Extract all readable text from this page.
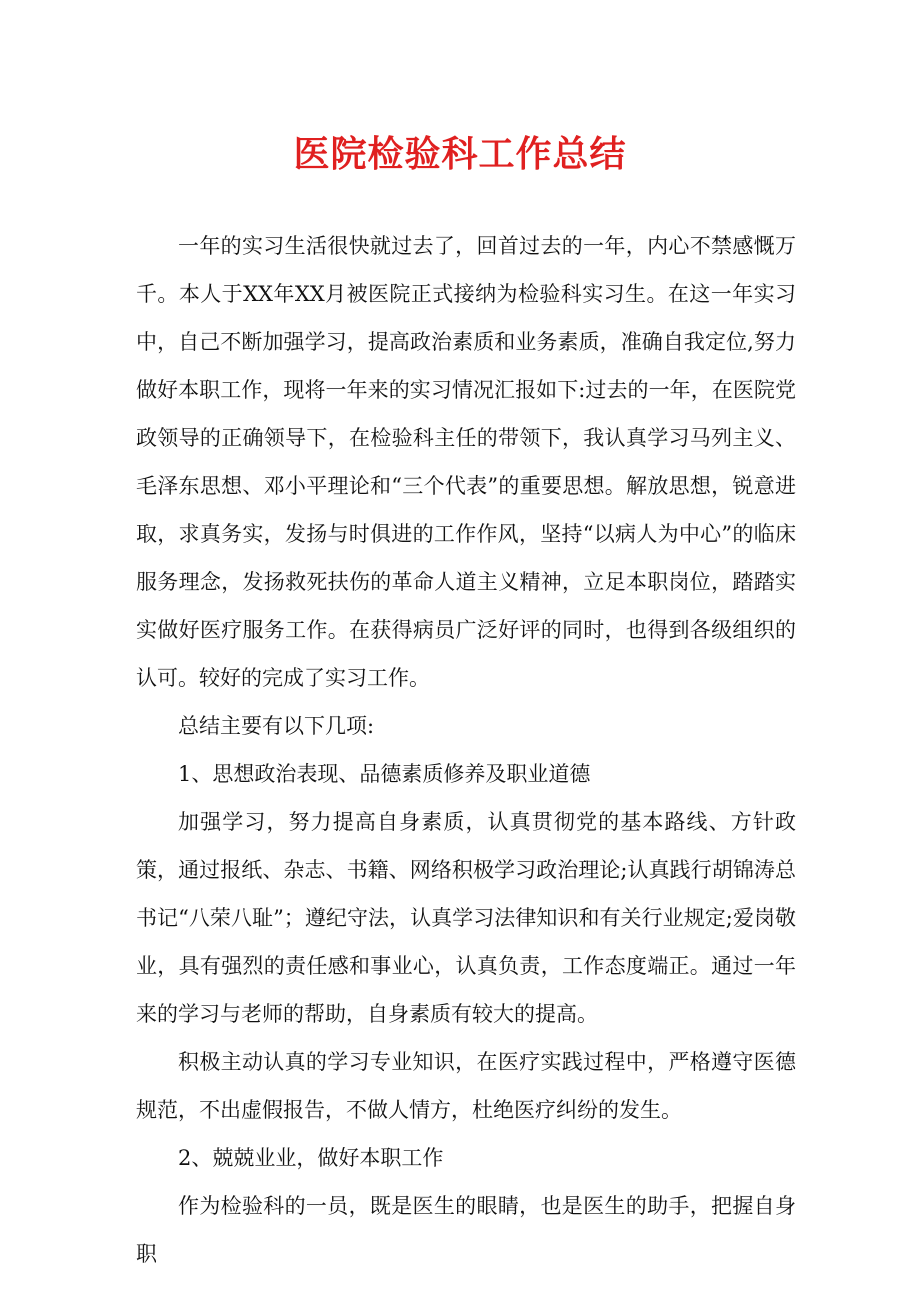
医院检验科工作总结

一年的实习生活很快就过去了，回首过去的一年，内心不禁感慨万千。本人于XX年XX月被医院正式接纳为检验科实习生。在这一年实习中，自己不断加强学习，提高政治素质和业务素质，准确自我定位,努力做好本职工作，现将一年来的实习情况汇报如下:过去的一年，在医院党政领导的正确领导下，在检验科主任的带领下，我认真学习马列主义、毛泽东思想、邓小平理论和“三个代表”的重要思想。解放思想，锐意进取，求真务实，发扬与时俱进的工作作风，坚持“以病人为中心”的临床服务理念，发扬救死扶伤的革命人道主义精神，立足本职岗位，踏踏实实做好医疗服务工作。在获得病员广泛好评的同时，也得到各级组织的认可。较好的完成了实习工作。

总结主要有以下几项:

1、思想政治表现、品德素质修养及职业道德

加强学习，努力提高自身素质，认真贯彻党的基本路线、方针政策，通过报纸、杂志、书籍、网络积极学习政治理论;认真践行胡锦涛总书记“八荣八耻”；遵纪守法，认真学习法律知识和有关行业规定;爱岗敬业，具有强烈的责任感和事业心，认真负责，工作态度端正。通过一年来的学习与老师的帮助，自身素质有较大的提高。

积极主动认真的学习专业知识，在医疗实践过程中，严格遵守医德规范，不出虚假报告，不做人情方，杜绝医疗纠纷的发生。

2、兢兢业业，做好本职工作

作为检验科的一员，既是医生的眼睛，也是医生的助手，把握自身职
